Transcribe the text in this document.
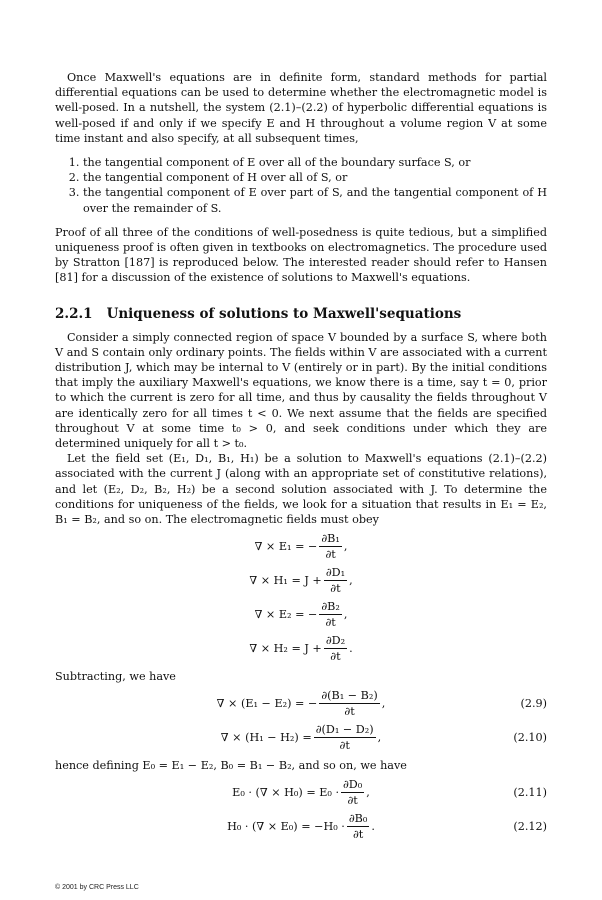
Once Maxwell's equations are in definite form, standard methods for partial differential equations can be used to determine whether the electromagnetic model is well-posed. In a nutshell, the system (2.1)–(2.2) of hyperbolic differential equations is well-posed if and only if we specify E and H throughout a volume region V at some time instant and also specify, at all subsequent times,

1. the tangential component of E over all of the boundary surface S, or
2. the tangential component of H over all of S, or
3. the tangential component of E over part of S, and the tangential component of H over the remainder of S.

Proof of all three of the conditions of well-posedness is quite tedious, but a simplified uniqueness proof is often given in textbooks on electromagnetics. The procedure used by Stratton [187] is reproduced below. The interested reader should refer to Hansen [81] for a discussion of the existence of solutions to Maxwell's equations.

2.2.1 Uniqueness of solutions to Maxwell'sequations

Consider a simply connected region of space V bounded by a surface S, where both V and S contain only ordinary points. The fields within V are associated with a current distribution J, which may be internal to V (entirely or in part). By the initial conditions that imply the auxiliary Maxwell's equations, we know there is a time, say t = 0, prior to which the current is zero for all time, and thus by causality the fields throughout V are identically zero for all times t < 0. We next assume that the fields are specified throughout V at some time t₀ > 0, and seek conditions under which they are determined uniquely for all t > t₀.

Let the field set (E₁, D₁, B₁, H₁) be a solution to Maxwell's equations (2.1)–(2.2) associated with the current J (along with an appropriate set of constitutive relations), and let (E₂, D₂, B₂, H₂) be a second solution associated with J. To determine the conditions for uniqueness of the fields, we look for a situation that results in E₁ = E₂, B₁ = B₂, and so on. The electromagnetic fields must obey

∇ × E₁ = − $\frac{\text{∂B₁}}{\partial t}$ ,
∇ × $H_1 = J + \frac{\text{∂D₁}}{\partial t}$ ,
∇ × E₂ = − $\frac{\text{∂B₂}}{\partial t}$ ,
∇ × $H_2 = J + \frac{\text{∂D₂}}{\partial t}$ .

Subtracting, we have

∇ × (E₁ − E₂) = − $\frac{\text{∂(B₁ − B₂)}}{\partial t}$ ,	(2.9)
∇ × $(H_1 - H_2) = \frac{\text{∂(D₁ − D₂)}}{\partial t}$ ,	(2.10)

hence defining E₀ = E₁ − E₂, B₀ = B₁ − B₂, and so on, we have

E₀ · (∇ × $H_0) = E_0 \cdot \frac{\text{∂D₀}}{\partial t}$ ,	(2.11)
H₀ · (∇ × $E_0) = -H_0 \cdot \frac{\text{∂B₀}}{\partial t}$ .	(2.12)
© 2001 by CRC Press LLC
